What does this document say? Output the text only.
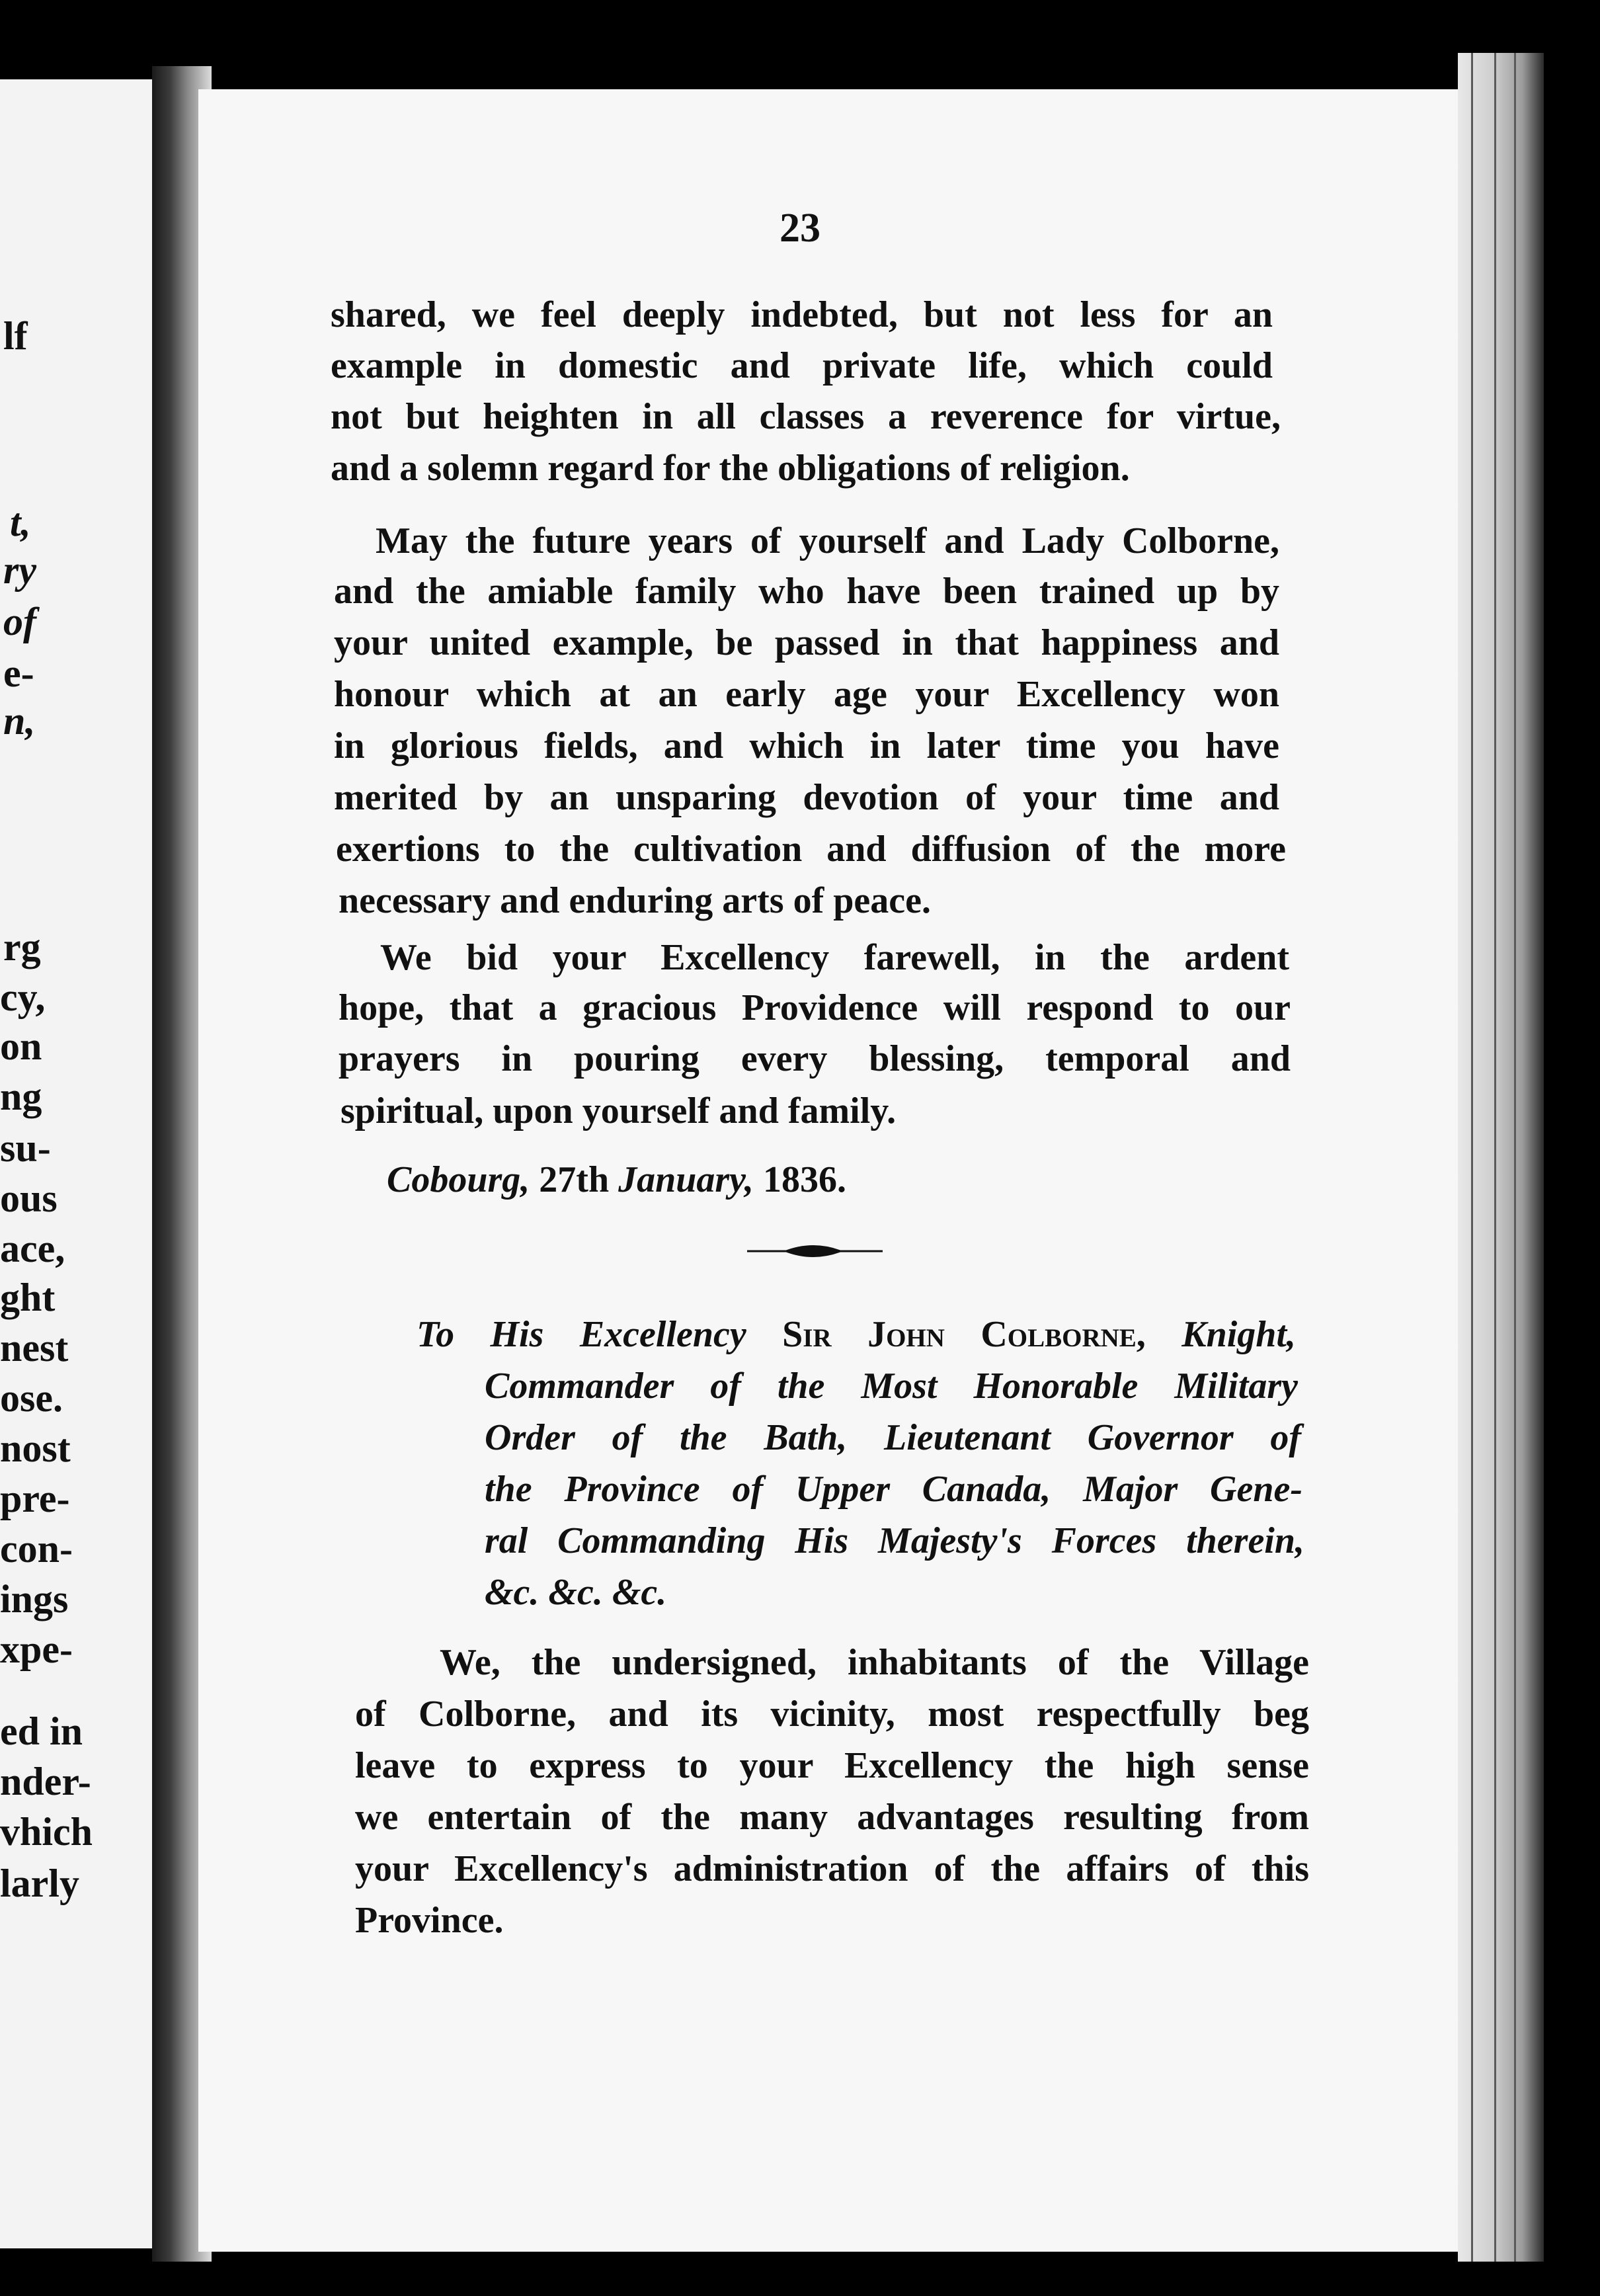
lf
t,
ry
of
e-
n,
rg
cy,
on
ng
su-
ous
ace,
ght
nest
ose.
nost
pre-
con-
ings
xpe-
ed in
nder-
vhich
larly
23
shared, we feel deeply indebted, but not less for an
example in domestic and private life, which could
not but heighten in all classes a reverence for virtue,
and a solemn regard for the obligations of religion.
May the future years of yourself and Lady Colborne,
and the amiable family who have been trained up by
your united example, be passed in that happiness and
honour which at an early age your Excellency won
in glorious fields, and which in later time you have
merited by an unsparing devotion of your time and
exertions to the cultivation and diffusion of the more
necessary and enduring arts of peace.
We bid your Excellency farewell, in the ardent
hope, that a gracious Providence will respond to our
prayers in pouring every blessing, temporal and
spiritual, upon yourself and family.
Cobourg, 27th January, 1836.
To His Excellency Sir John Colborne, Knight,
Commander of the Most Honorable Military
Order of the Bath, Lieutenant Governor of
the Province of Upper Canada, Major Gene-
ral Commanding His Majesty's Forces therein,
&c. &c. &c.
We, the undersigned, inhabitants of the Village
of Colborne, and its vicinity, most respectfully beg
leave to express to your Excellency the high sense
we entertain of the many advantages resulting from
your Excellency's administration of the affairs of this
Province.
